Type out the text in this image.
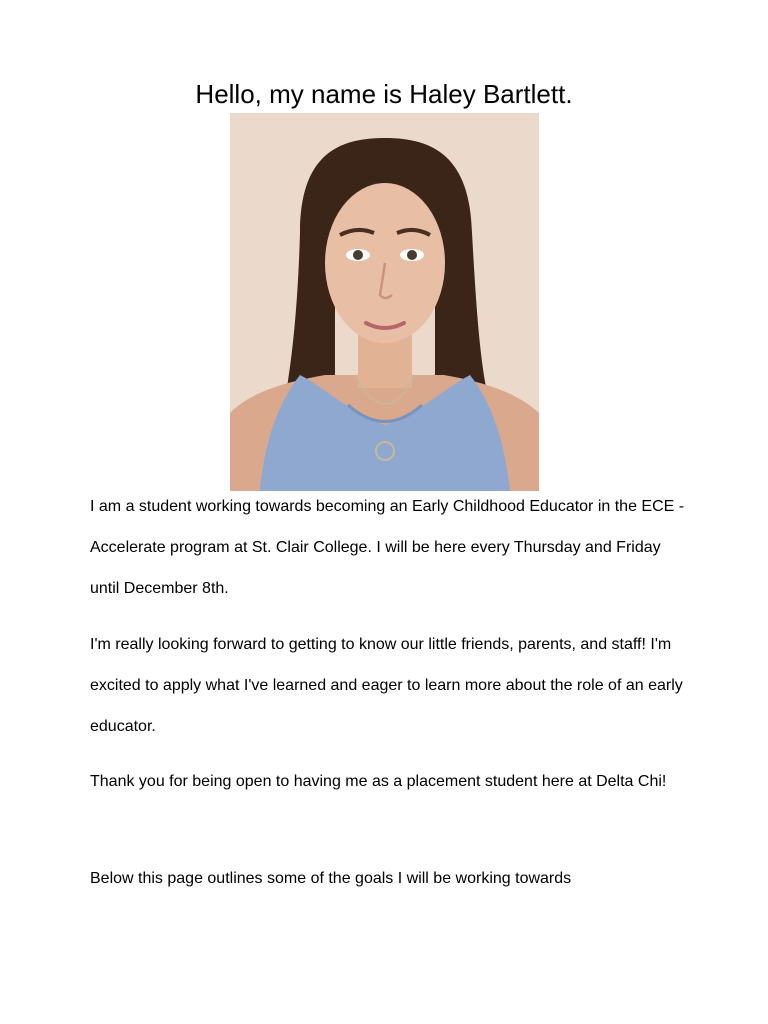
Hello, my name is Haley Bartlett.

I am a student working towards becoming an Early Childhood Educator in the ECE - Accelerate program at St. Clair College. I will be here every Thursday and Friday until December 8th.

I'm really looking forward to getting to know our little friends, parents, and staff! I'm excited to apply what I've learned and eager to learn more about the role of an early educator.

Thank you for being open to having me as a placement student here at Delta Chi!

Below this page outlines some of the goals I will be working towards
